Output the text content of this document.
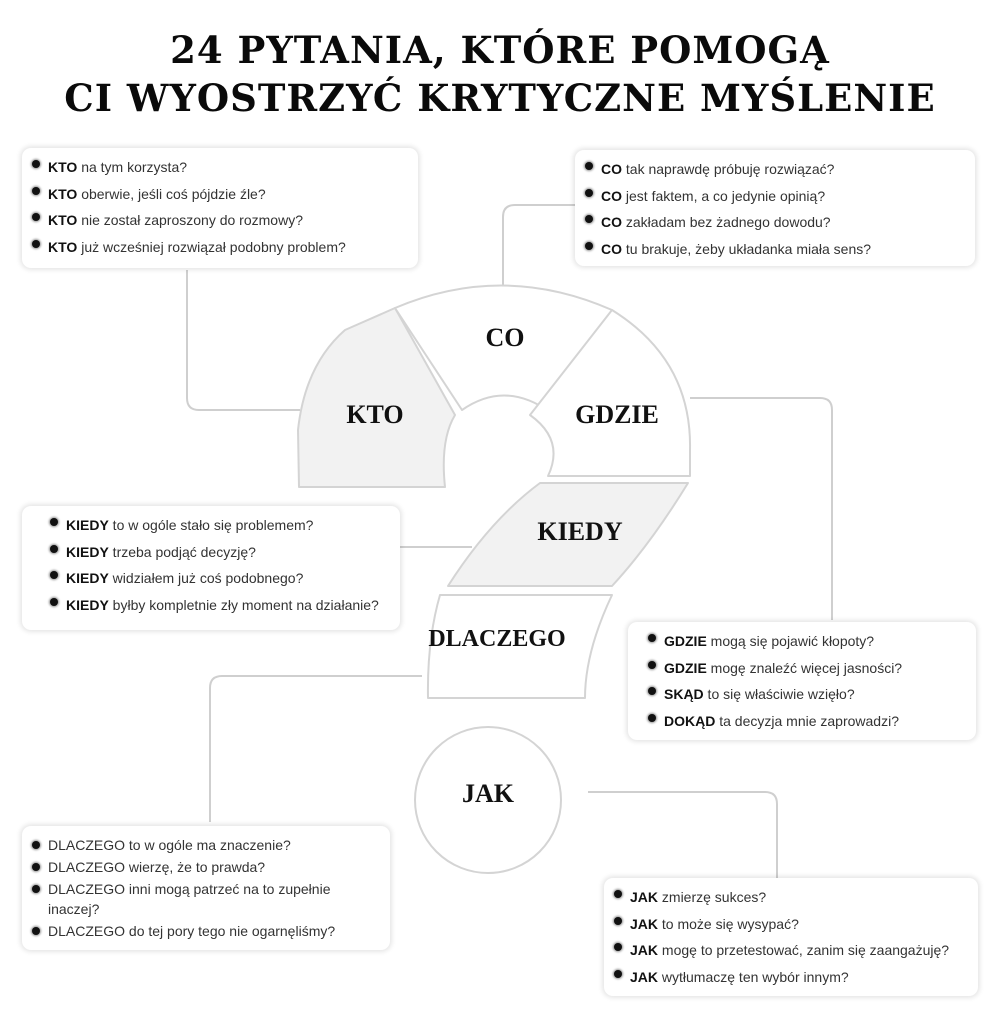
24 PYTANIA, KTÓRE POMOGĄ
CI WYOSTRZYĆ KRYTYCZNE MYŚLENIE
CO
KTO	GDZIE
KIEDY
DLACZEGO
JAK
KTO na tym korzysta?
KTO oberwie, jeśli coś pójdzie źle?
KTO nie został zaproszony do rozmowy?
KTO już wcześniej rozwiązał podobny problem?
CO tak naprawdę próbuję rozwiązać?
CO jest faktem, a co jedynie opinią?
CO zakładam bez żadnego dowodu?
CO tu brakuje, żeby układanka miała sens?
KIEDY to w ogóle stało się problemem?
KIEDY trzeba podjąć decyzję?
KIEDY widziałem już coś podobnego?
KIEDY byłby kompletnie zły moment na działanie?
GDZIE mogą się pojawić kłopoty?
GDZIE mogę znaleźć więcej jasności?
SKĄD to się właściwie wzięło?
DOKĄD ta decyzja mnie zaprowadzi?
DLACZEGO to w ogóle ma znaczenie?
DLACZEGO wierzę, że to prawda?
DLACZEGO inni mogą patrzeć na to zupełnie inaczej?
DLACZEGO do tej pory tego nie ogarnęliśmy?
JAK zmierzę sukces?
JAK to może się wysypać?
JAK mogę to przetestować, zanim się zaangażuję?
JAK wytłumaczę ten wybór innym?
